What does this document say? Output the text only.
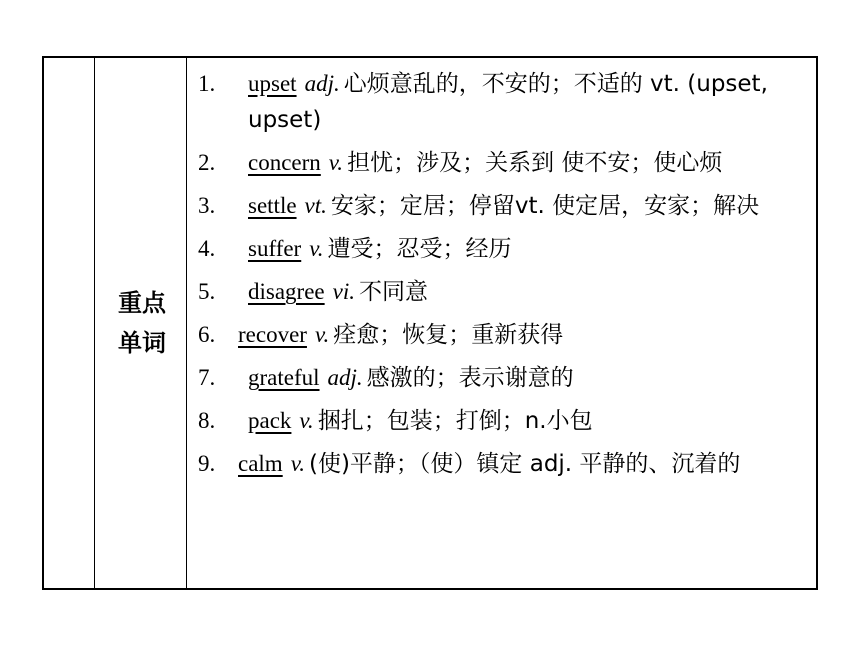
重点
单词
1. upset adj. 心烦意乱的，不安的；不适的 vt. (upset, upset)
2. concern v. 担忧；涉及；关系到 使不安；使心烦
3. settle vt. 安家；定居；停留vt. 使定居，安家；解决
4. suffer v. 遭受；忍受；经历
5. disagree vi. 不同意
6. recover v. 痊愈；恢复；重新获得
7. grateful adj. 感激的；表示谢意的
8. pack v. 捆扎；包装；打倒；n.小包
9. calm v. (使)平静；（使）镇定 adj. 平静的、沉着的
